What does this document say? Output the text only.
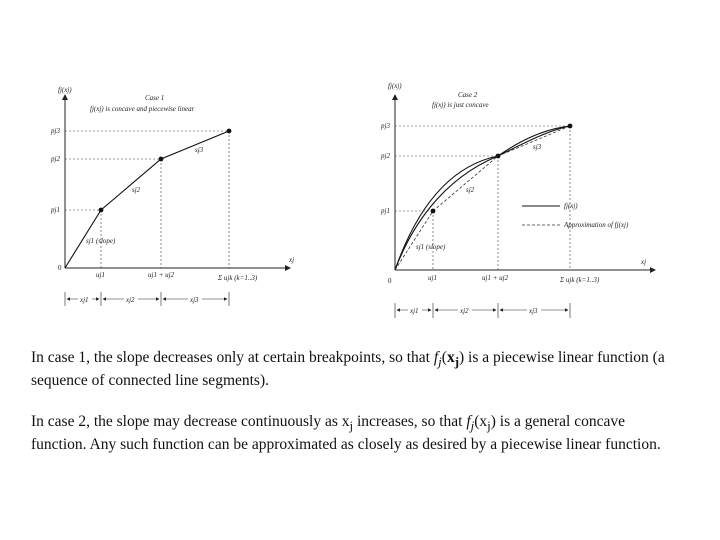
fj(xj)
xj
0
Case 1
fj(xj) is concave and piecewise linear
pj1
pj2
pj3
sj1 (slope)
sj2
sj3
uj1	uj1 + uj2	Σ ujk (k=1..3)
xj1	xj2	xj3
fj(xj)
xj
0
Case 2
fj(xj) is just concave
pj1
pj2
pj3
sj1 (slope)
sj2
sj3
fj(xj)
Approximation of fj(xj)
uj1	uj1 + uj2	Σ ujk (k=1..3)
xj1	xj2	xj3
In case 1, the slope decreases only at certain breakpoints, so that $f_j(x_j)$ is a piecewise linear function (a sequence of connected line segments).
In case 2, the slope may decrease continuously as $x_j$ increases, so that $f_j(x_j)$ is a general concave function. Any such function can be approximated as closely as desired by a piecewise linear function.
